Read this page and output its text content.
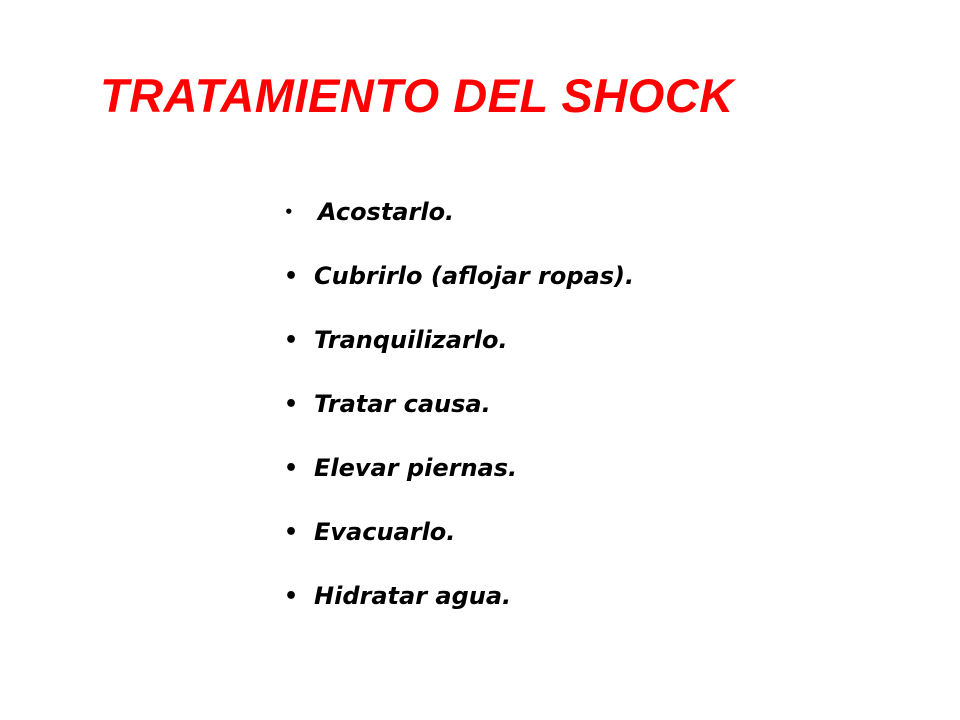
TRATAMIENTO DEL SHOCK
•	Acostarlo.
• Cubrirlo (aflojar ropas).
• Tranquilizarlo.
• Tratar causa.
• Elevar piernas.
• Evacuarlo.
• Hidratar agua.
